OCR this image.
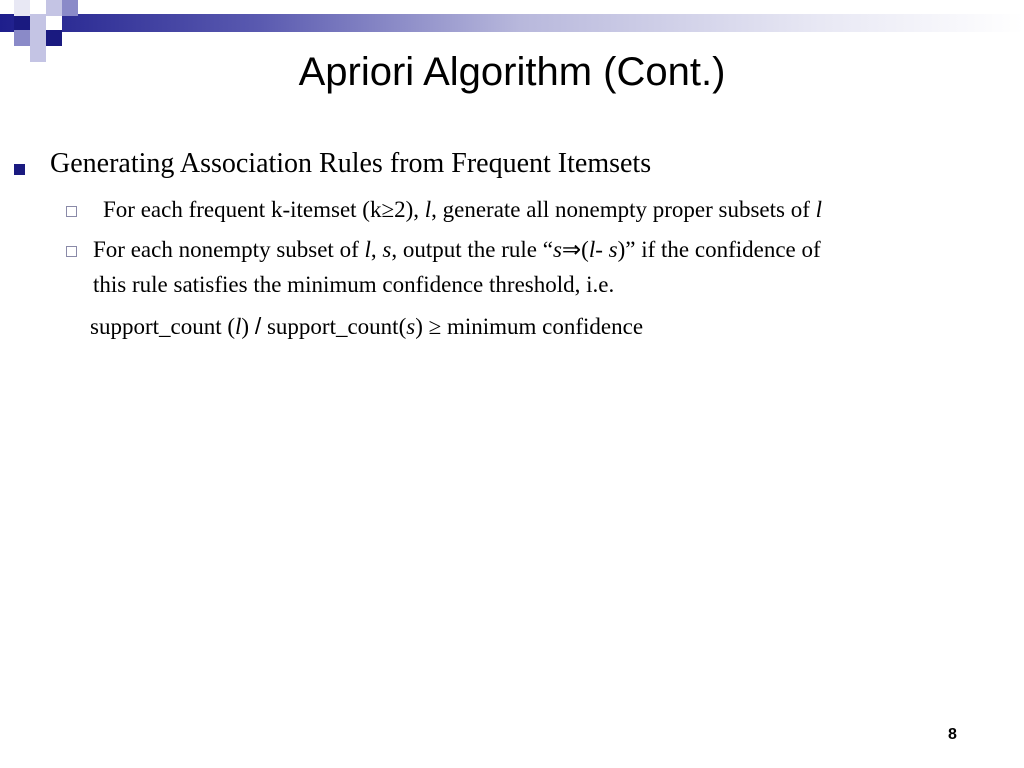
Apriori Algorithm (Cont.)
Generating Association Rules from Frequent Itemsets
For each frequent k-itemset (k≥2), l, generate all nonempty proper subsets of l
For each nonempty subset of l, s, output the rule “s⇒(l- s)” if the confidence of
this rule satisfies the minimum confidence threshold, i.e.
support_count (l) / support_count(s) ≥ minimum confidence
8
